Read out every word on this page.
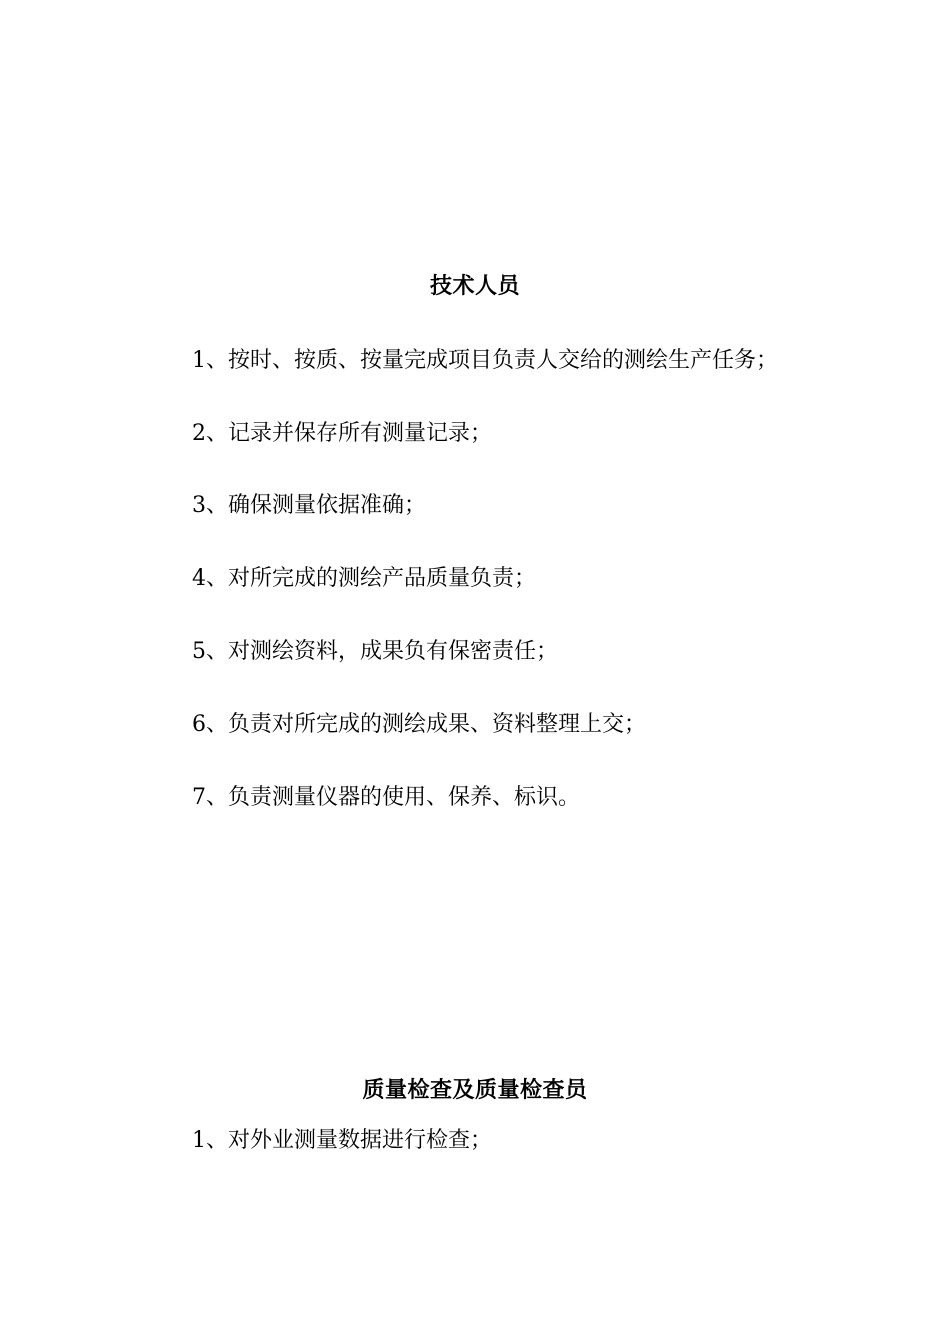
技术人员
1、按时、按质、按量完成项目负责人交给的测绘生产任务；
2、记录并保存所有测量记录；
3、确保测量依据准确；
4、对所完成的测绘产品质量负责；
5、对测绘资料，成果负有保密责任；
6、负责对所完成的测绘成果、资料整理上交；
7、负责测量仪器的使用、保养、标识。
质量检查及质量检查员
1、对外业测量数据进行检查；
